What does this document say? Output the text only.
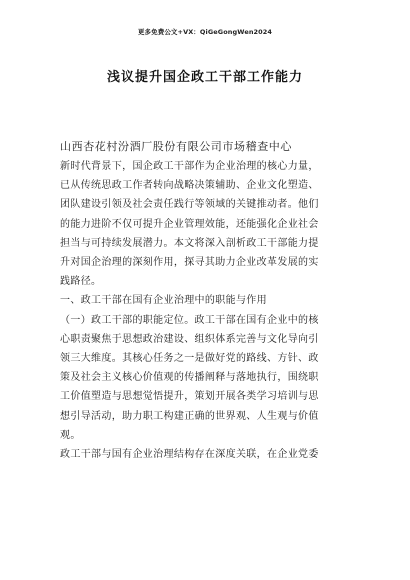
更多免费公文+VX：QiGeGongWen2024
浅议提升国企政工干部工作能力
山西杏花村汾酒厂股份有限公司市场稽查中心
新时代背景下，国企政工干部作为企业治理的核心力量，
已从传统思政工作者转向战略决策辅助、企业文化塑造、
团队建设引领及社会责任践行等领域的关键推动者。他们
的能力进阶不仅可提升企业管理效能，还能强化企业社会
担当与可持续发展潜力。本文将深入剖析政工干部能力提
升对国企治理的深刻作用，探寻其助力企业改革发展的实
践路径。
一、政工干部在国有企业治理中的职能与作用
（一）政工干部的职能定位。政工干部在国有企业中的核
心职责聚焦于思想政治建设、组织体系完善与文化导向引
领三大维度。其核心任务之一是做好党的路线、方针、政
策及社会主义核心价值观的传播阐释与落地执行，围绕职
工价值塑造与思想觉悟提升，策划开展各类学习培训与思
想引导活动，助力职工构建正确的世界观、人生观与价值
观。
政工干部与国有企业治理结构存在深度关联，在企业党委
